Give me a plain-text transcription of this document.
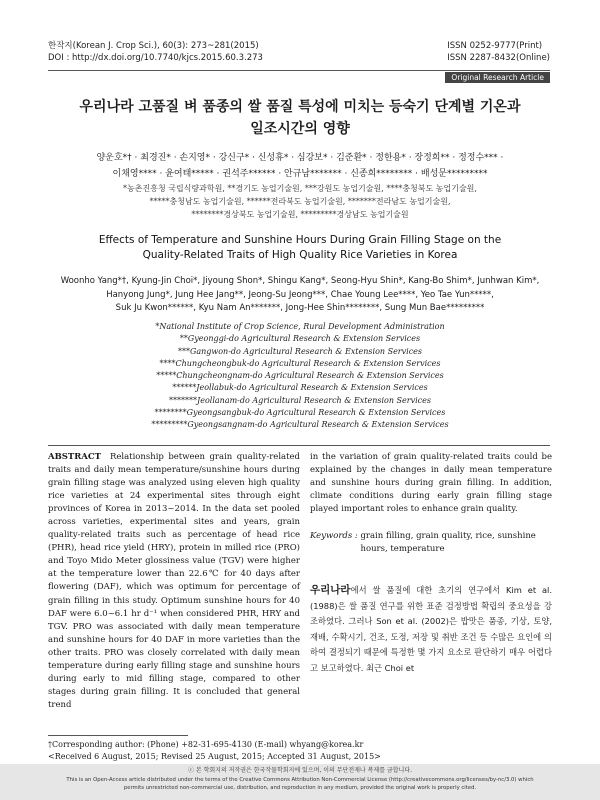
한작지(Korean J. Crop Sci.), 60(3): 273~281(2015)
DOI : http://dx.doi.org/10.7740/kjcs.2015.60.3.273
ISSN 0252-9777(Print)
ISSN 2287-8432(Online)
Original Research Article
우리나라 고품질 벼 품종의 쌀 품질 특성에 미치는 등숙기 단계별 기온과
일조시간의 영향
양운호*† · 최경진* · 손지영* · 강신구* · 신성휴* · 심강보* · 김준환* · 정한용* · 장정희** · 정정수*** ·
이채영**** · 윤여태***** · 권석주****** · 안규남******* · 신종희******** · 배성문*********
*농촌진흥청 국립식량과학원, **경기도 농업기술원, ***강원도 농업기술원, ****충청북도 농업기술원,
*****충청남도 농업기술원, ******전라북도 농업기술원, *******전라남도 농업기술원,
********경상북도 농업기술원, *********경상남도 농업기술원
Effects of Temperature and Sunshine Hours During Grain Filling Stage on the
Quality-Related Traits of High Quality Rice Varieties in Korea
Woonho Yang*†, Kyung-Jin Choi*, Jiyoung Shon*, Shingu Kang*, Seong-Hyu Shin*, Kang-Bo Shim*, Junhwan Kim*,
Hanyong Jung*, Jung Hee Jang**, Jeong-Su Jeong***, Chae Young Lee****, Yeo Tae Yun*****,
Suk Ju Kwon******, Kyu Nam An*******, Jong-Hee Shin********, Sung Mun Bae*********
*National Institute of Crop Science, Rural Development Administration
**Gyeonggi-do Agricultural Research & Extension Services
***Gangwon-do Agricultural Research & Extension Services
****Chungcheongbuk-do Agricultural Research & Extension Services
*****Chungcheongnam-do Agricultural Research & Extension Services
******Jeollabuk-do Agricultural Research & Extension Services
*******Jeollanam-do Agricultural Research & Extension Services
********Gyeongsangbuk-do Agricultural Research & Extension Services
*********Gyeongsangnam-do Agricultural Research & Extension Services
ABSTRACT Relationship between grain quality-related traits and daily mean temperature/sunshine hours during grain filling stage was analyzed using eleven high quality rice varieties at 24 experimental sites through eight provinces of Korea in 2013~2014. In the data set pooled across varieties, experimental sites and years, grain quality-related traits such as percentage of head rice (PHR), head rice yield (HRY), protein in milled rice (PRO) and Toyo Mido Meter glossiness value (TGV) were higher at the temperature lower than 22.6℃ for 40 days after flowering (DAF), which was optimum for percentage of grain filling in this study. Optimum sunshine hours for 40 DAF were 6.0~6.1 hr d⁻¹ when considered PHR, HRY and TGV. PRO was associated with daily mean temperature and sunshine hours for 40 DAF in more varieties than the other traits. PRO was closely correlated with daily mean temperature during early filling stage and sunshine hours during early to mid filling stage, compared to other stages during grain filling. It is concluded that general trend
in the variation of grain quality-related traits could be explained by the changes in daily mean temperature and sunshine hours during grain filling. In addition, climate conditions during early grain filling stage played important roles to enhance grain quality.
Keywords : grain filling, grain quality, rice, sunshine hours, temperature
우리나라에서 쌀 품질에 대한 초기의 연구에서 Kim et al. (1988)은 쌀 품질 연구를 위한 표준 검정방법 확립의 중요성을 강조하였다. 그러나 Son et al. (2002)은 밥맛은 품종, 기상, 토양, 재배, 수확시기, 건조, 도정, 저장 및 취반 조건 등 수많은 요인에 의하여 결정되기 때문에 특정한 몇 가지 요소로 판단하기 매우 어렵다고 보고하였다. 최근 Choi et
†Corresponding author: (Phone) +82-31-695-4130 (E-mail) whyang@korea.kr
<Received 6 August, 2015; Revised 25 August, 2015; Accepted 31 August, 2015>
ⓒ 본 학회지의 저작권은 한국작물학회지에 있으며, 이의 무단전재나 복제를 금합니다.
This is an Open-Access article distributed under the terms of the Creative Commons Attribution Non-Commercial License (http://creativecommons.org/licenses/by-nc/3.0) which
permits unrestricted non-commercial use, distribution, and reproduction in any medium, provided the original work is properly cited.
